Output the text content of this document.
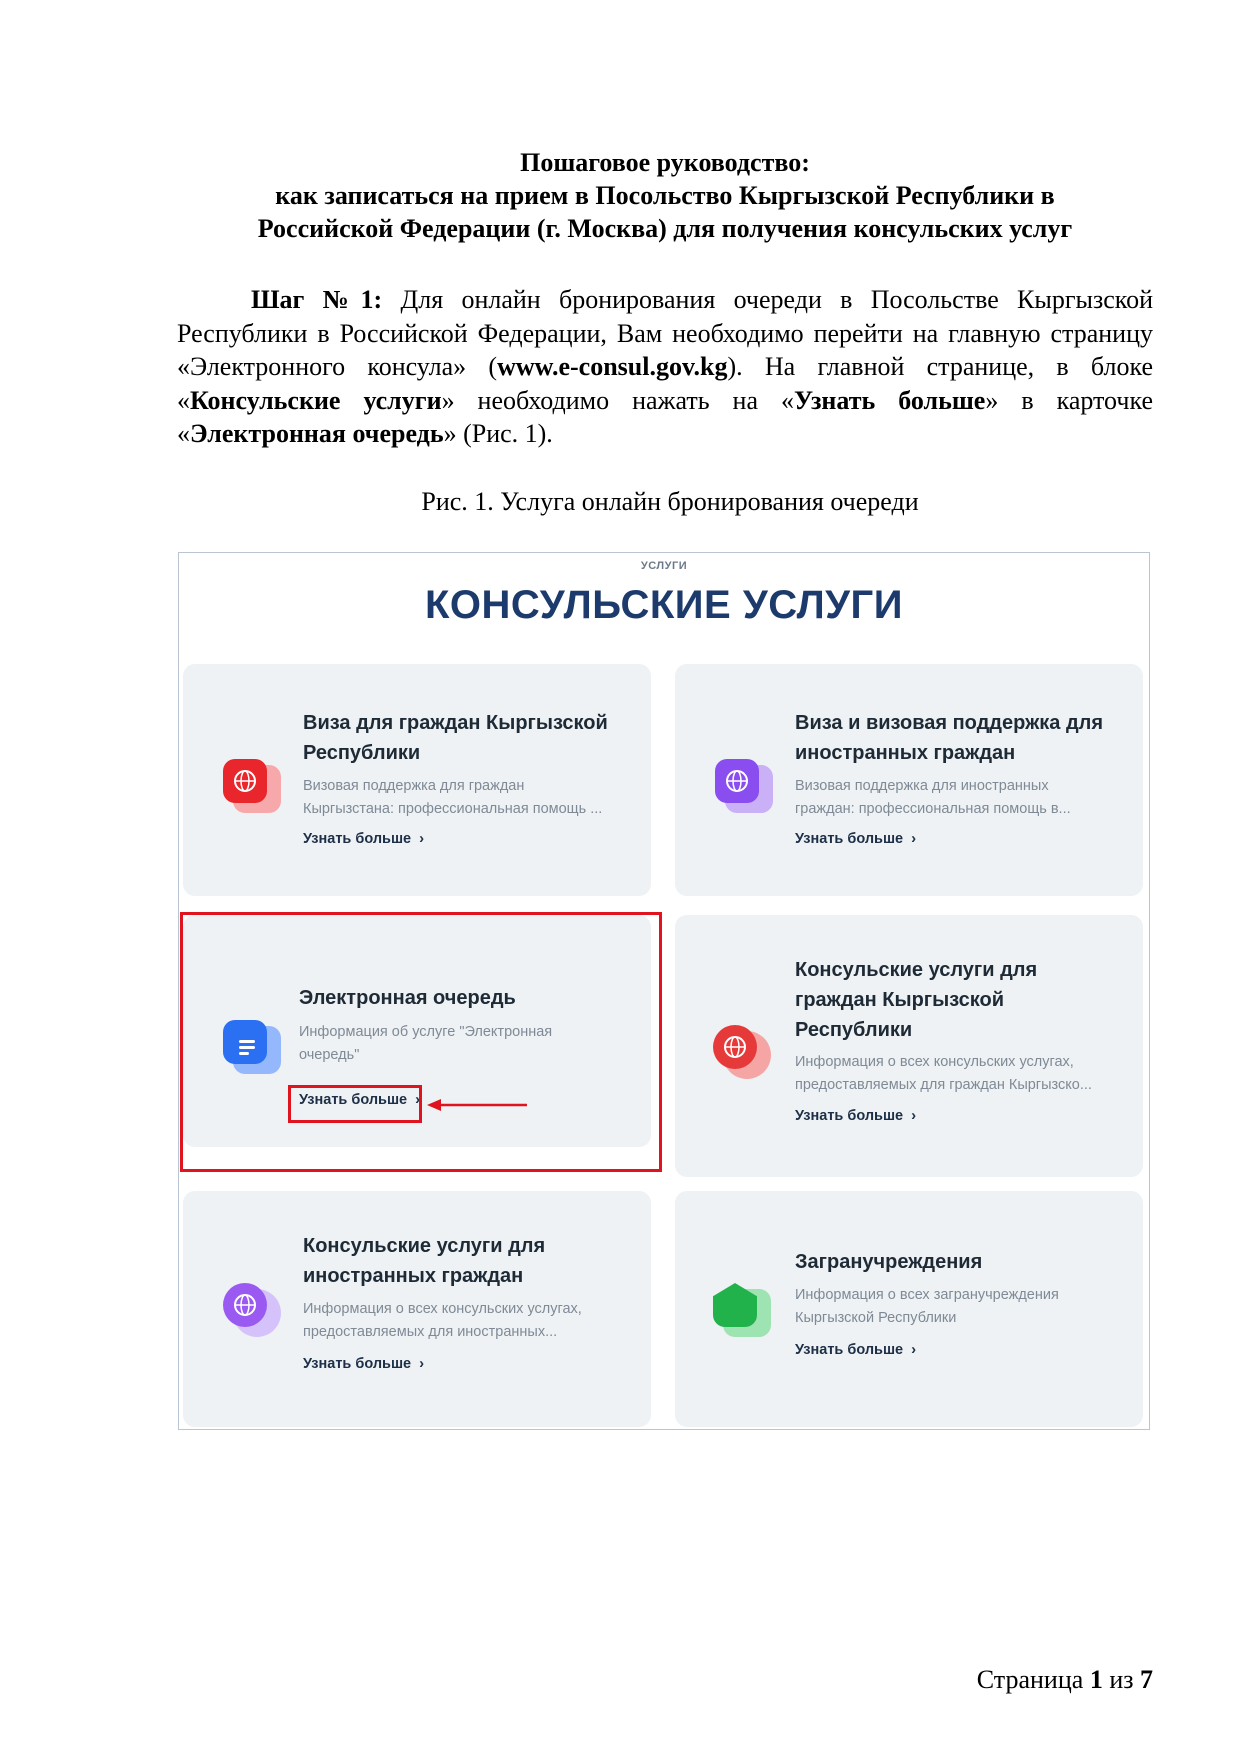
Пошаговое руководство:
как записаться на прием в Посольство Кыргызской Республики в
Российской Федерации (г. Москва) для получения консульских услуг
Шаг №1: Для онлайн бронирования очереди в Посольстве Кыргызской Республики в Российской Федерации, Вам необходимо перейти на главную страницу «Электронного консула» (www.e-consul.gov.kg). На главной странице, в блоке «Консульские услуги» необходимо нажать на «Узнать больше» в карточке «Электронная очередь» (Рис. 1).
Рис. 1. Услуга онлайн бронирования очереди
УСЛУГИ
КОНСУЛЬСКИЕ УСЛУГИ
Виза для граждан Кыргызской
Республики
Визовая поддержка для граждан
Кыргызстана: профессиональная помощь ...
Узнать больше ›
Виза и визовая поддержка для
иностранных граждан
Визовая поддержка для иностранных
граждан: профессиональная помощь в...
Узнать больше ›
Электронная очередь
Информация об услуге "Электронная
очередь"
Узнать больше ›
Консульские услуги для
граждан Кыргызской
Республики
Информация о всех консульских услугах,
предоставляемых для граждан Кыргызско...
Узнать больше ›
Консульские услуги для
иностранных граждан
Информация о всех консульских услугах,
предоставляемых для иностранных...
Узнать больше ›
Загранучреждения
Информация о всех загранучреждения
Кыргызской Республики
Узнать больше ›
Страница 1 из 7
